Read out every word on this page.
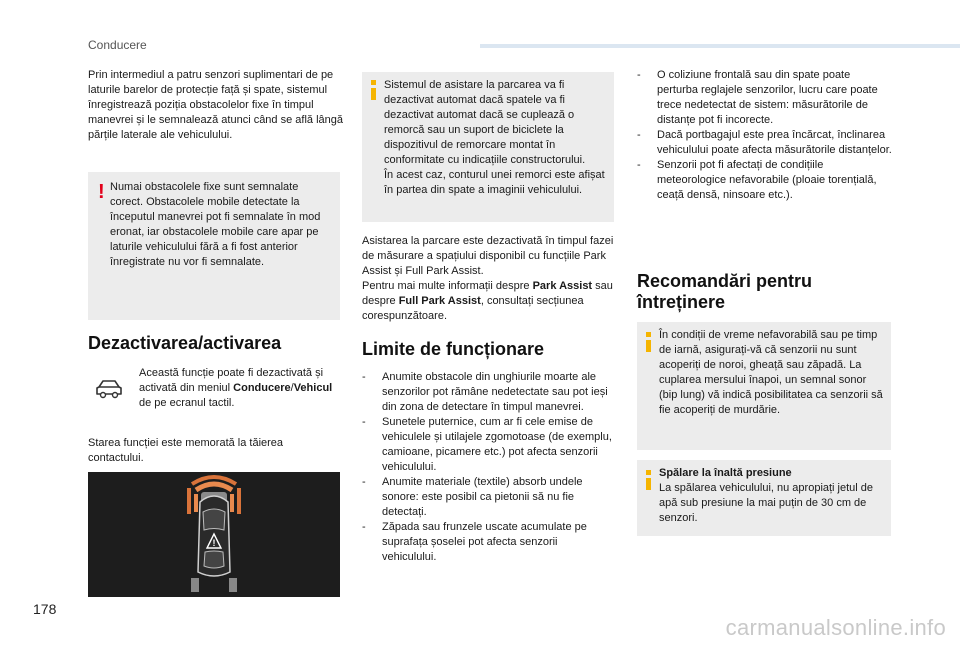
Conducere

Prin intermediul a patru senzori suplimentari de pe laturile barelor de protecție față și spate, sistemul înregistrează poziția obstacolelor fixe în timpul manevrei și le semnalează atunci când se află lângă părțile laterale ale vehiculului.

! Numai obstacolele fixe sunt semnalate corect. Obstacolele mobile detectate la începutul manevrei pot fi semnalate în mod eronat, iar obstacolele mobile care apar pe laturile vehiculului fără a fi fost anterior înregistrate nu vor fi semnalate.
Dezactivarea/activarea

Această funcție poate fi dezactivată și activată din meniul Conducere/Vehicul de pe ecranul tactil.

Starea funcției este memorată la tăierea contactului.

!
Sistemul de asistare la parcarea va fi dezactivat automat dacă spatele va fi dezactivat automat dacă se cuplează o remorcă sau un suport de biciclete la dispozitivul de remorcare montat în conformitate cu indicațiile constructorului.
În acest caz, conturul unei remorci este afișat în partea din spate a imaginii vehiculului.

Asistarea la parcare este dezactivată în timpul fazei de măsurare a spațiului disponibil cu funcțiile Park Assist și Full Park Assist.

Pentru mai multe informații despre Park Assist sau despre Full Park Assist, consultați secțiunea corespunzătoare.

Limite de funcționare
- Anumite obstacole din unghiurile moarte ale senzorilor pot rămâne nedetectate sau pot ieși din zona de detectare în timpul manevrei.
- Sunetele puternice, cum ar fi cele emise de vehiculele și utilajele zgomotoase (de exemplu, camioane, picamere etc.) pot afecta senzorii vehiculului.
- Anumite materiale (textile) absorb undele sonore: este posibil ca pietonii să nu fie detectați.
- Zăpada sau frunzele uscate acumulate pe suprafața șoselei pot afecta senzorii vehiculului.
- O coliziune frontală sau din spate poate perturba reglajele senzorilor, lucru care poate trece nedetectat de sistem: măsurătorile de distanțe pot fi incorecte.
- Dacă portbagajul este prea încărcat, înclinarea vehiculului poate afecta măsurătorile distanțelor.
- Senzorii pot fi afectați de condițiile meteorologice nefavorabile (ploaie torențială, ceață densă, ninsoare etc.).
Recomandări pentru
întreținere
În condiții de vreme nefavorabilă sau pe timp de iarnă, asigurați-vă că senzorii nu sunt acoperiți de noroi, gheață sau zăpadă. La cuplarea mersului înapoi, un semnal sonor (bip lung) vă indică posibilitatea ca senzorii să fie acoperiți de murdărie.
Spălare la înaltă presiune
La spălarea vehiculului, nu apropiați jetul de apă sub presiune la mai puțin de 30 cm de senzori.
178
carmanualsonline.info
